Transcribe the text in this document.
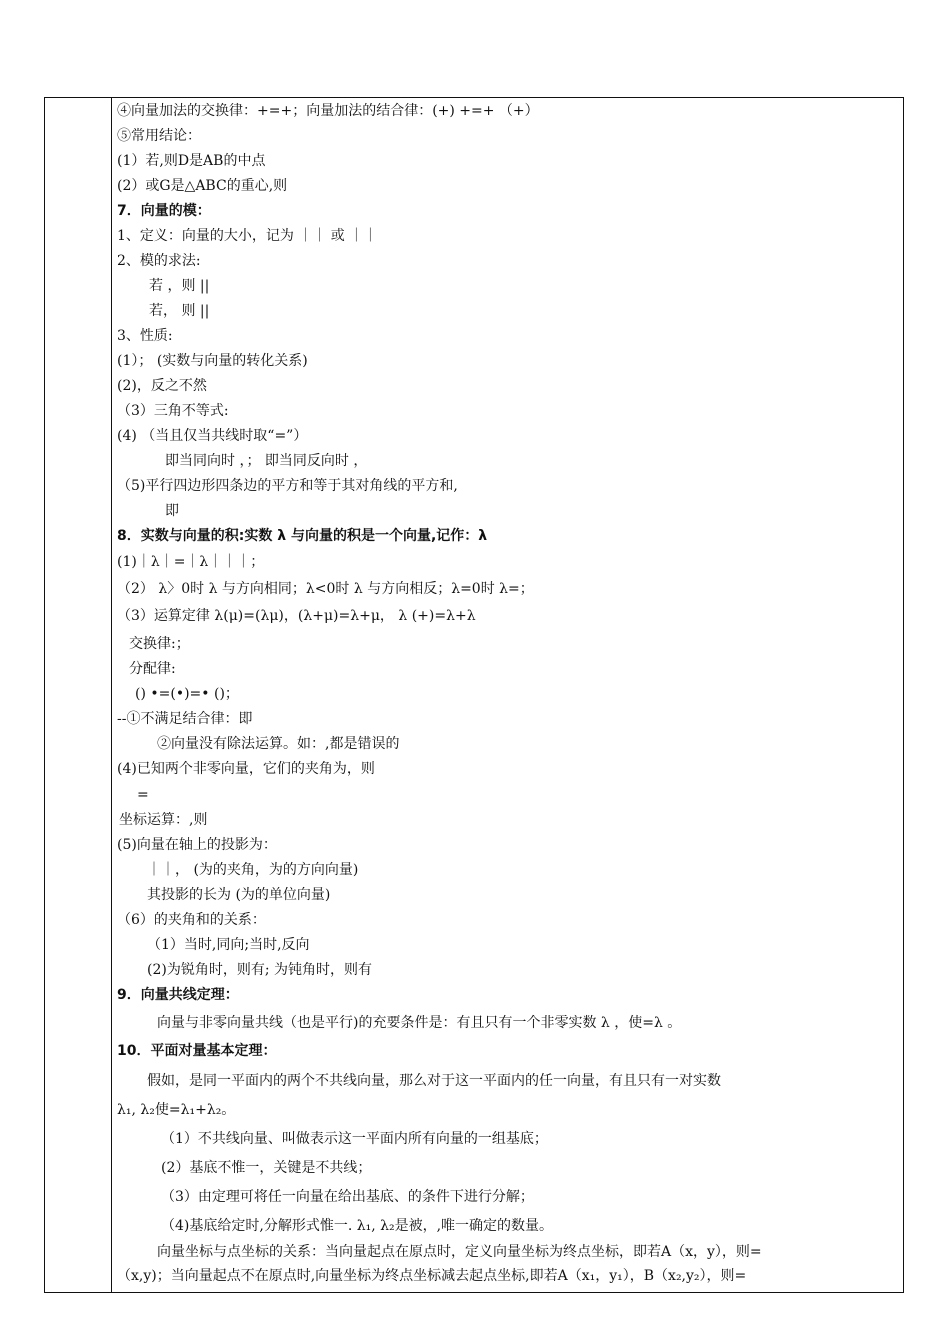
④向量加法的交换律：+=+；向量加法的结合律：(+) +=+ （+）
⑤常用结论：
(1）若,则D是AB的中点
(2）或G是△ABC的重心,则
7．向量的模：
1、定义：向量的大小，记为 ｜｜ 或 ｜｜
2、模的求法:
若 ，则 ||
若， 则 ||
3、性质:
(1）； (实数与向量的转化关系)
(2)，反之不然
（3）三角不等式:
(4) （当且仅当共线时取“=”）
即当同向时 ，； 即当同反向时 ，
（5)平行四边形四条边的平方和等于其对角线的平方和,
即
8．实数与向量的积:实数 λ 与向量的积是一个向量,记作：λ
(1)｜λ｜=｜λ｜｜｜；
（2） λ〉0时 λ 与方向相同；λ<0时 λ 与方向相反；λ=0时 λ=；
（3）运算定律 λ(μ)=(λμ)，(λ+μ)=λ+μ， λ (+)=λ+λ
交换律:；
分配律:
() •=(•)=• ()；
--①不满足结合律：即
②向量没有除法运算。如：,都是错误的
(4)已知两个非零向量，它们的夹角为，则
=
坐标运算：,则
(5)向量在轴上的投影为：
｜｜， (为的夹角，为的方向向量)
其投影的长为 (为的单位向量)
（6）的夹角和的关系：
（1）当时,同向;当时,反向
(2)为锐角时，则有; 为钝角时，则有
9．向量共线定理：
向量与非零向量共线（也是平行)的充要条件是：有且只有一个非零实数 λ ，使=λ 。
10．平面对量基本定理：
假如，是同一平面内的两个不共线向量，那么对于这一平面内的任一向量，有且只有一对实数
λ₁, λ₂使=λ₁+λ₂。
（1）不共线向量、叫做表示这一平面内所有向量的一组基底；
(2）基底不惟一，关键是不共线；
（3）由定理可将任一向量在给出基底、的条件下进行分解；
（4)基底给定时,分解形式惟一. λ₁, λ₂是被，,唯一确定的数量。
向量坐标与点坐标的关系：当向量起点在原点时，定义向量坐标为终点坐标，即若A（x，y），则=
（x,y)；当向量起点不在原点时,向量坐标为终点坐标减去起点坐标,即若A（x₁，y₁），B（x₂,y₂），则=
